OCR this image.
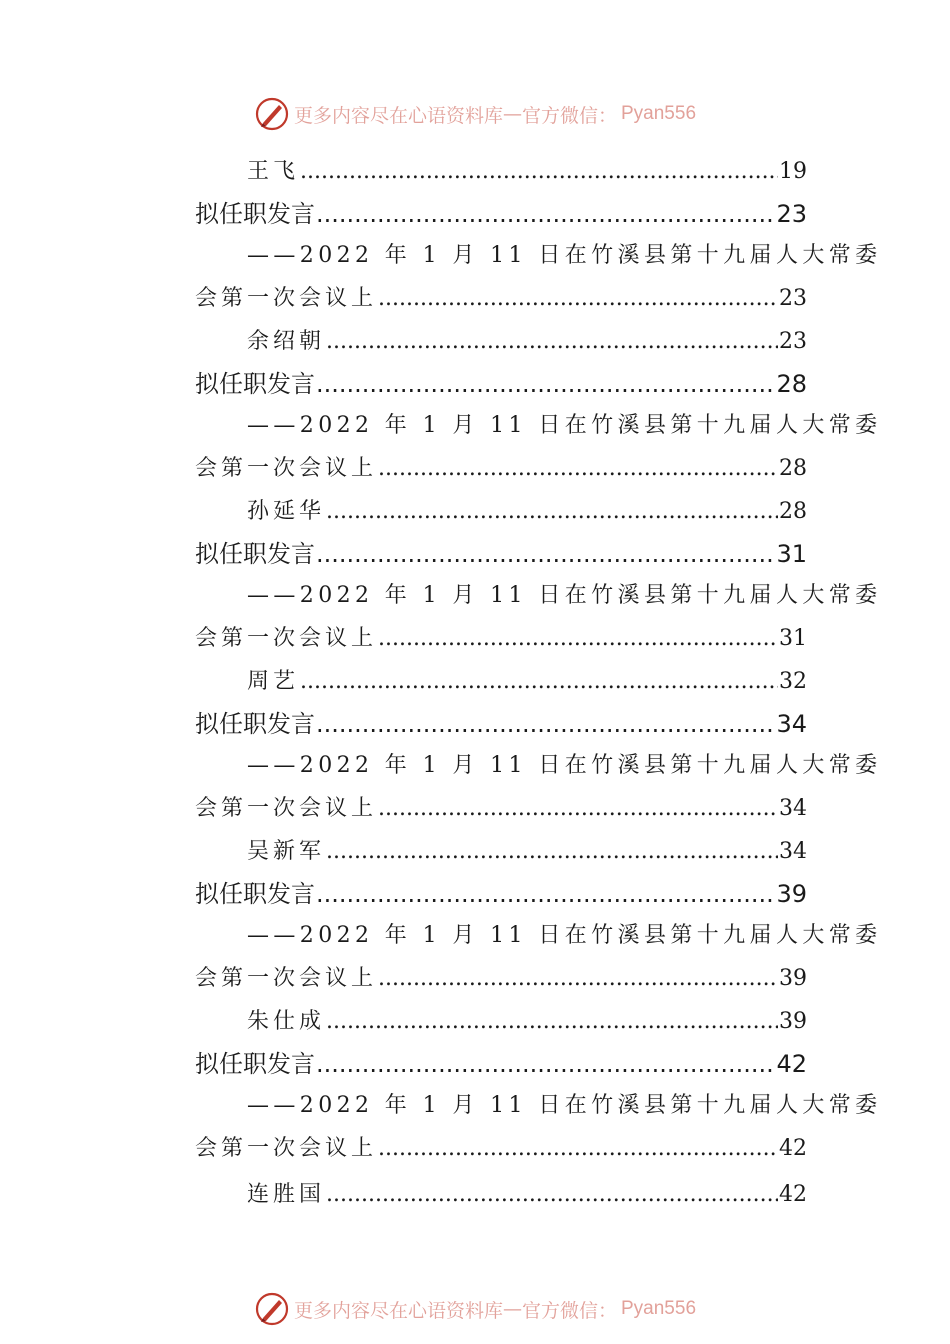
更多内容尽在心语资料库 — 官方微信： Pyan556
王飞 .....	19
拟任职发言 .....	23
——2022 年 1 月 11 日在竹溪县第十九届人大常委
会第一次会议上 .....	23
余绍朝 .....	23
拟任职发言 .....	28
——2022 年 1 月 11 日在竹溪县第十九届人大常委
会第一次会议上 .....	28
孙延华 .....	28
拟任职发言 .....	31
——2022 年 1 月 11 日在竹溪县第十九届人大常委
会第一次会议上 .....	31
周艺 .....	32
拟任职发言 .....	34
——2022 年 1 月 11 日在竹溪县第十九届人大常委
会第一次会议上 .....	34
吴新军 .....	34
拟任职发言 .....	39
——2022 年 1 月 11 日在竹溪县第十九届人大常委
会第一次会议上 .....	39
朱仕成 .....	39
拟任职发言 .....	42
——2022 年 1 月 11 日在竹溪县第十九届人大常委
会第一次会议上 .....	42
连胜国 .....	42
更多内容尽在心语资料库 — 官方微信： Pyan556
